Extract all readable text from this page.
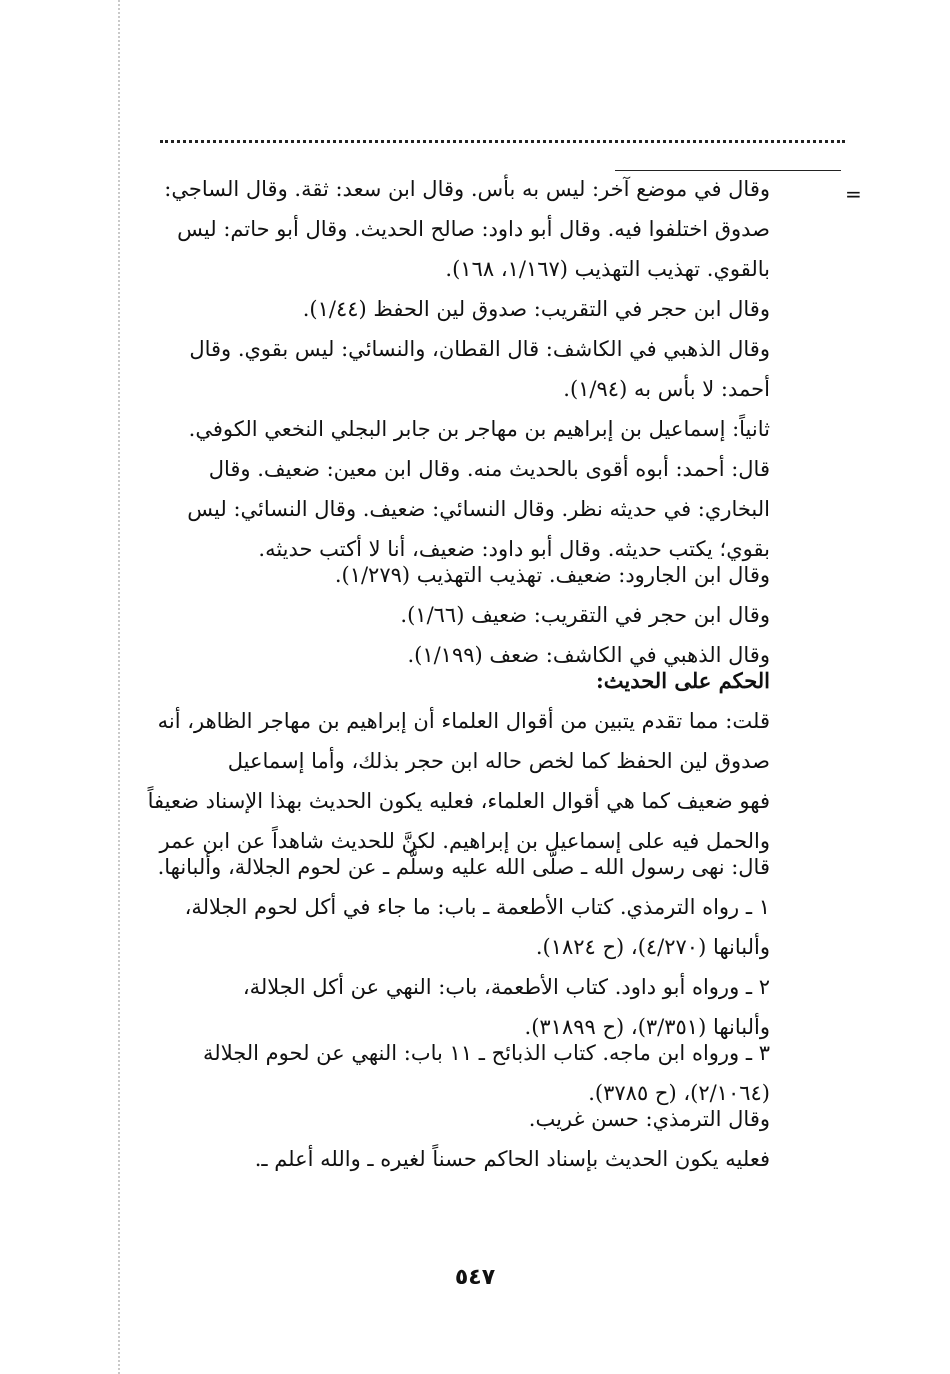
=
وقال في موضع آخر: ليس به بأس. وقال ابن سعد: ثقة. وقال الساجي:
صدوق اختلفوا فيه. وقال أبو داود: صالح الحديث. وقال أبو حاتم: ليس
بالقوي. تهذيب التهذيب (١/١٦٧، ١٦٨).
وقال ابن حجر في التقريب: صدوق لين الحفظ (١/٤٤).
وقال الذهبي في الكاشف: قال القطان، والنسائي: ليس بقوي. وقال
أحمد: لا بأس به (١/٩٤).
ثانياً: إسماعيل بن إبراهيم بن مهاجر بن جابر البجلي النخعي الكوفي.
قال: أحمد: أبوه أقوى بالحديث منه. وقال ابن معين: ضعيف. وقال
البخاري: في حديثه نظر. وقال النسائي: ضعيف. وقال النسائي: ليس
بقوي؛ يكتب حديثه. وقال أبو داود: ضعيف، أنا لا أكتب حديثه.
وقال ابن الجارود: ضعيف. تهذيب التهذيب (١/٢٧٩).
وقال ابن حجر في التقريب: ضعيف (١/٦٦).
وقال الذهبي في الكاشف: ضعف (١/١٩٩).
الحكم على الحديث:
قلت: مما تقدم يتبين من أقوال العلماء أن إبراهيم بن مهاجر الظاهر، أنه
صدوق لين الحفظ كما لخص حاله ابن حجر بذلك، وأما إسماعيل
فهو ضعيف كما هي أقوال العلماء، فعليه يكون الحديث بهذا الإسناد ضعيفاً
والحمل فيه على إسماعيل بن إبراهيم. لكنَّ للحديث شاهداً عن ابن عمر
قال: نهى رسول الله ـ صلَّى الله عليه وسلَّم ـ عن لحوم الجلالة، وألبانها.
١ ـ رواه الترمذي. كتاب الأطعمة ـ باب: ما جاء في أكل لحوم الجلالة،
وألبانها (٤/٢٧٠)، (ح ١٨٢٤).
٢ ـ ورواه أبو داود. كتاب الأطعمة، باب: النهي عن أكل الجلالة،
وألبانها (٣/٣٥١)، (ح ٣١٨٩٩).
٣ ـ ورواه ابن ماجه. كتاب الذبائح ـ ١١ باب: النهي عن لحوم الجلالة
(٢/١٠٦٤)، (ح ٣٧٨٥).
وقال الترمذي: حسن غريب.
فعليه يكون الحديث بإسناد الحاكم حسناً لغيره ـ والله أعلم ـ.
٥٤٧
